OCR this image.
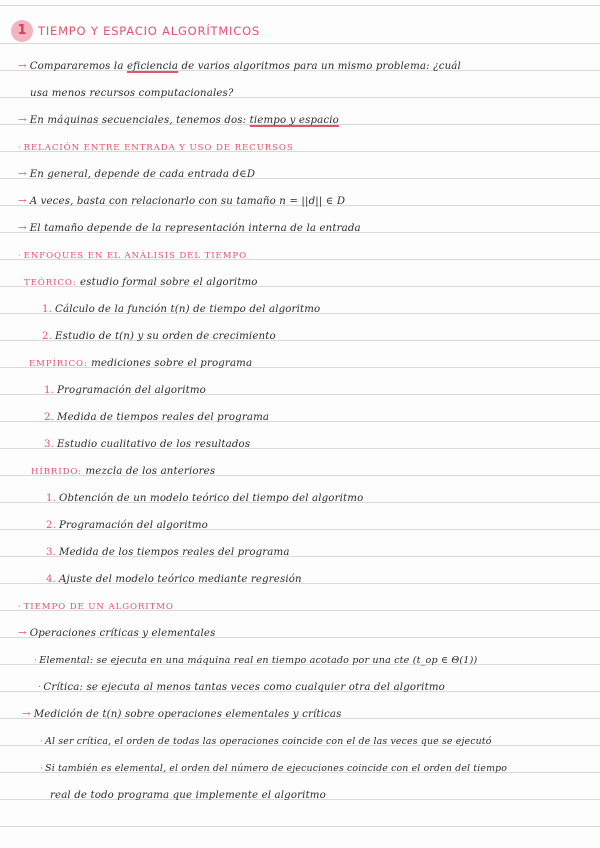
1 TIEMPO Y ESPACIO ALGORÍTMICOS
→ Compararemos la eficiencia de varios algoritmos para un mismo problema: ¿cuál
usa menos recursos computacionales?
→ En máquinas secuenciales, tenemos dos: tiempo y espacio
· RELACIÓN ENTRE ENTRADA Y USO DE RECURSOS
→ En general, depende de cada entrada d∈D
→ A veces, basta con relacionarlo con su tamaño n = ||d|| ∈ D
→ El tamaño depende de la representación interna de la entrada
· ENFOQUES EN EL ANÁLISIS DEL TIEMPO
TEÓRICO: estudio formal sobre el algoritmo
1. Cálculo de la función t(n) de tiempo del algoritmo
2. Estudio de t(n) y su orden de crecimiento
EMPÍRICO: mediciones sobre el programa
1. Programación del algoritmo
2. Medida de tiempos reales del programa
3. Estudio cualitativo de los resultados
HÍBRIDO: mezcla de los anteriores
1. Obtención de un modelo teórico del tiempo del algoritmo
2. Programación del algoritmo
3. Medida de los tiempos reales del programa
4. Ajuste del modelo teórico mediante regresión
· TIEMPO DE UN ALGORITMO
→ Operaciones críticas y elementales
· Elemental: se ejecuta en una máquina real en tiempo acotado por una cte (t_op ∈ Θ(1))
· Crítica: se ejecuta al menos tantas veces como cualquier otra del algoritmo
→ Medición de t(n) sobre operaciones elementales y críticas
· Al ser crítica, el orden de todas las operaciones coincide con el de las veces que se ejecutó
· Si también es elemental, el orden del número de ejecuciones coincide con el orden del tiempo
real de todo programa que implemente el algoritmo
